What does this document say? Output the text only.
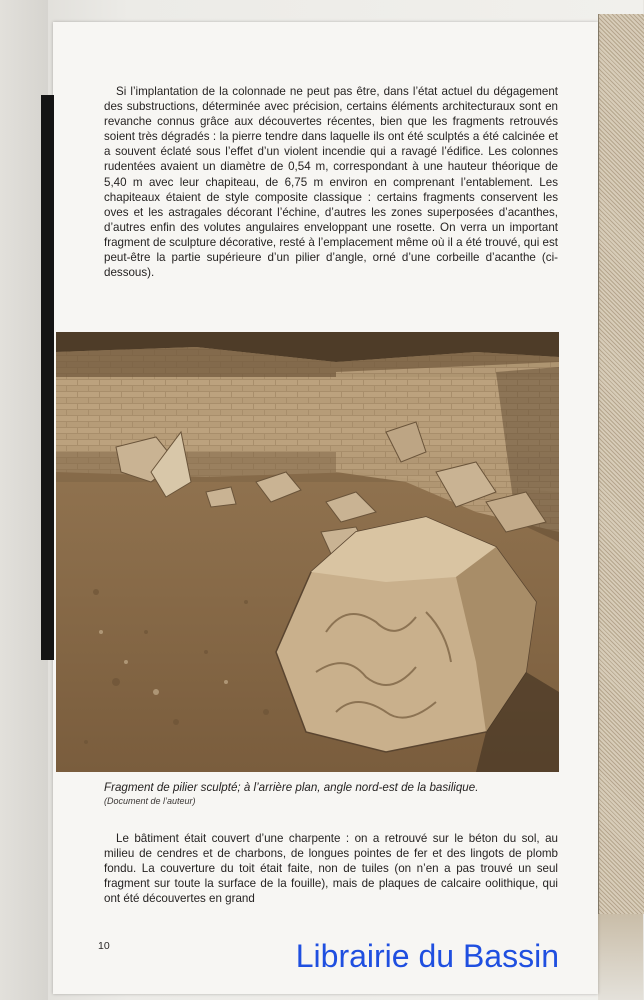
Si l’implantation de la colonnade ne peut pas être, dans l’état actuel du dégagement des substructions, déterminée avec précision, certains éléments architecturaux sont en revanche connus grâce aux découvertes récentes, bien que les fragments retrouvés soient très dégradés : la pierre tendre dans laquelle ils ont été sculptés a été calcinée et a souvent éclaté sous l’effet d’un violent incendie qui a ravagé l’édifice. Les colonnes rudentées avaient un diamètre de 0,54 m, correspondant à une hauteur théorique de 5,40 m avec leur chapiteau, de 6,75 m environ en comprenant l’entablement. Les chapiteaux étaient de style composite classique : certains fragments conservent les oves et les astragales décorant l’échine, d’autres les zones superposées d’acanthes, d’autres enfin des volutes angulaires enveloppant une rosette. On verra un important fragment de sculpture décorative, resté à l’emplacement même où il a été trouvé, qui est peut-être la partie supérieure d’un pilier d’angle, orné d’une corbeille d’acanthe (ci-dessous).

Librairie du Bassin
Fragment de pilier sculpté; à l’arrière plan, angle nord-est de la basilique.
(Document de l’auteur)

Le bâtiment était couvert d’une charpente : on a retrouvé sur le béton du sol, au milieu de cendres et de charbons, de longues pointes de fer et des lingots de plomb fondu. La couverture du toit était faite, non de tuiles (on n’en a pas trouvé un seul fragment sur toute la surface de la fouille), mais de plaques de calcaire oolithique, qui ont été découvertes en grand

10
